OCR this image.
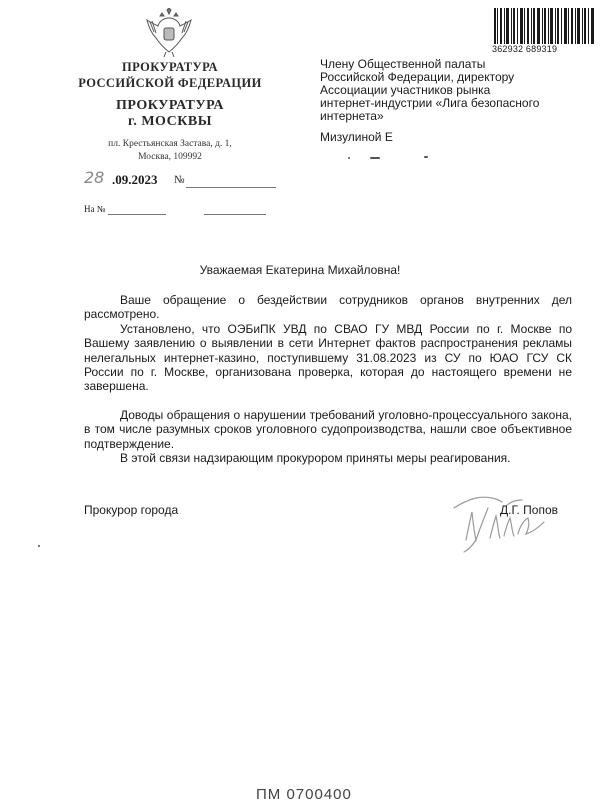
ПРОКУРАТУРА
РОССИЙСКОЙ ФЕДЕРАЦИИ
ПРОКУРАТУРА
г. МОСКВЫ
пл. Крестьянская Застава, д. 1,
Москва, 109992
28 .09.2023 №
На №
362932 689319
Члену Общественной палаты
Российской Федерации, директору
Ассоциации участников рынка
интернет-индустрии «Лига безопасного
интернета»
Мизулиной Е
Уважаемая Екатерина Михайловна!
Ваше обращение о бездействии сотрудников органов внутренних дел рассмотрено.
Установлено, что ОЭБиПК УВД по СВАО ГУ МВД России по г. Москве по Вашему заявлению о выявлении в сети Интернет фактов распространения рекламы нелегальных интернет-казино, поступившему 31.08.2023 из СУ по ЮАО ГСУ СК России по г. Москве, организована проверка, которая до настоящего времени не завершена.
Доводы обращения о нарушении требований уголовно-процессуального закона, в том числе разумных сроков уголовного судопроизводства, нашли свое объективное подтверждение.
В этой связи надзирающим прокурором приняты меры реагирования.
Прокурор города	Д.Г. Попов
ПМ 0700400
